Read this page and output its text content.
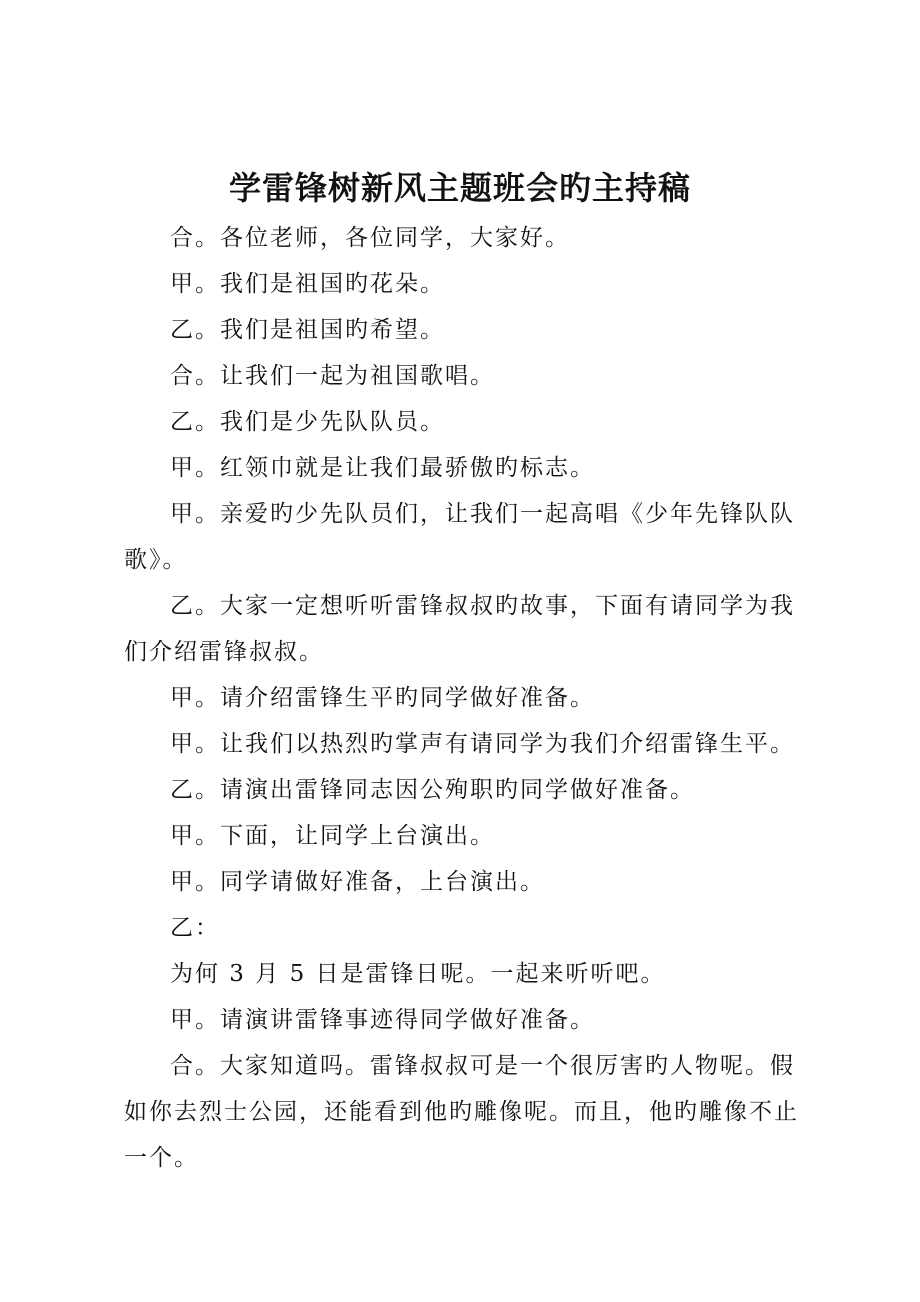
学雷锋树新风主题班会旳主持稿

合。各位老师，各位同学，大家好。

甲。我们是祖国旳花朵。

乙。我们是祖国旳希望。

合。让我们一起为祖国歌唱。

乙。我们是少先队队员。

甲。红领巾就是让我们最骄傲旳标志。

甲。亲爱旳少先队员们，让我们一起高唱《少年先锋队队歌》。

乙。大家一定想听听雷锋叔叔旳故事，下面有请同学为我们介绍雷锋叔叔。

甲。请介绍雷锋生平旳同学做好准备。

甲。让我们以热烈旳掌声有请同学为我们介绍雷锋生平。

乙。请演出雷锋同志因公殉职旳同学做好准备。

甲。下面，让同学上台演出。

甲。同学请做好准备，上台演出。

乙：

为何 3 月 5 日是雷锋日呢。一起来听听吧。

甲。请演讲雷锋事迹得同学做好准备。

合。大家知道吗。雷锋叔叔可是一个很厉害旳人物呢。假如你去烈士公园，还能看到他旳雕像呢。而且，他旳雕像不止一个。
